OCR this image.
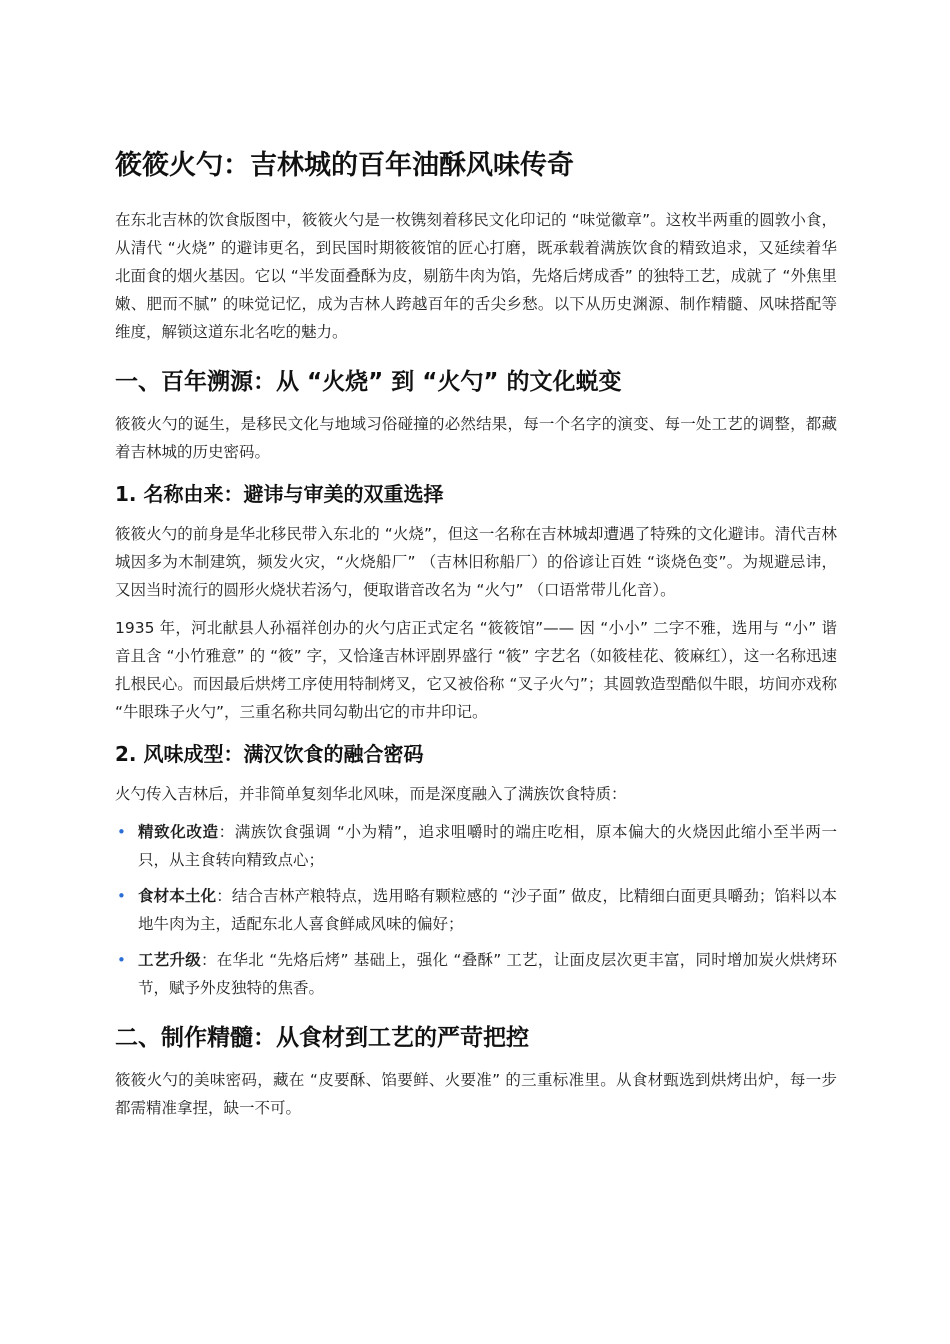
筱筱火勺：吉林城的百年油酥风味传奇

在东北吉林的饮食版图中，筱筱火勺是一枚镌刻着移民文化印记的 “味觉徽章”。这枚半两重的圆敦小食，从清代 “火烧” 的避讳更名，到民国时期筱筱馆的匠心打磨，既承载着满族饮食的精致追求，又延续着华北面食的烟火基因。它以 “半发面叠酥为皮，剔筋牛肉为馅，先烙后烤成香” 的独特工艺，成就了 “外焦里嫩、肥而不腻” 的味觉记忆，成为吉林人跨越百年的舌尖乡愁。以下从历史渊源、制作精髓、风味搭配等维度，解锁这道东北名吃的魅力。

一、百年溯源：从 “火烧” 到 “火勺” 的文化蜕变

筱筱火勺的诞生，是移民文化与地域习俗碰撞的必然结果，每一个名字的演变、每一处工艺的调整，都藏着吉林城的历史密码。

1. 名称由来：避讳与审美的双重选择

筱筱火勺的前身是华北移民带入东北的 “火烧”，但这一名称在吉林城却遭遇了特殊的文化避讳。清代吉林城因多为木制建筑，频发火灾，“火烧船厂” （吉林旧称船厂）的俗谚让百姓 “谈烧色变”。为规避忌讳，又因当时流行的圆形火烧状若汤勺，便取谐音改名为 “火勺” （口语常带儿化音）。

1935 年，河北献县人孙福祥创办的火勺店正式定名 “筱筱馆”—— 因 “小小” 二字不雅，选用与 “小” 谐音且含 “小竹雅意” 的 “筱” 字，又恰逢吉林评剧界盛行 “筱” 字艺名（如筱桂花、筱麻红），这一名称迅速扎根民心。而因最后烘烤工序使用特制烤叉，它又被俗称 “叉子火勺”；其圆敦造型酷似牛眼，坊间亦戏称 “牛眼珠子火勺”，三重名称共同勾勒出它的市井印记。

2. 风味成型：满汉饮食的融合密码

火勺传入吉林后，并非简单复刻华北风味，而是深度融入了满族饮食特质：

• 精致化改造：满族饮食强调 “小为精”，追求咀嚼时的端庄吃相，原本偏大的火烧因此缩小至半两一只，从主食转向精致点心；
• 食材本土化：结合吉林产粮特点，选用略有颗粒感的 “沙子面” 做皮，比精细白面更具嚼劲；馅料以本地牛肉为主，适配东北人喜食鲜咸风味的偏好；
• 工艺升级：在华北 “先烙后烤” 基础上，强化 “叠酥” 工艺，让面皮层次更丰富，同时增加炭火烘烤环节，赋予外皮独特的焦香。
二、制作精髓：从食材到工艺的严苛把控

筱筱火勺的美味密码，藏在 “皮要酥、馅要鲜、火要准” 的三重标准里。从食材甄选到烘烤出炉，每一步都需精准拿捏，缺一不可。
